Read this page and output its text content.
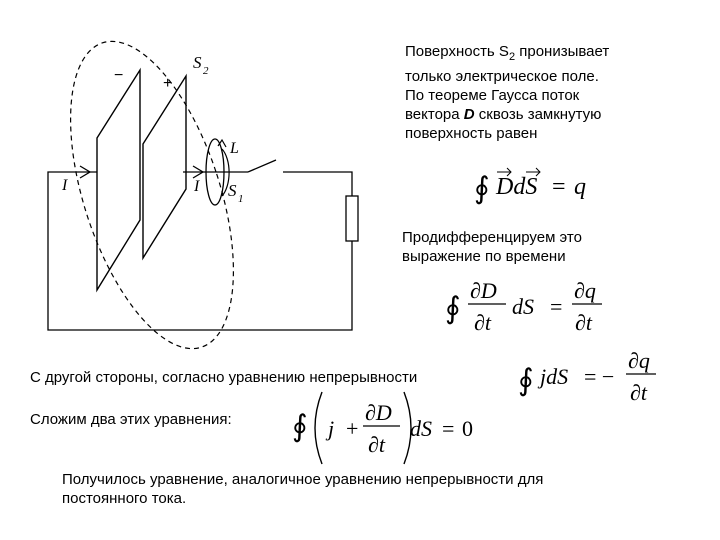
Поверхность $S_2$ пронизывает
только электрическое поле.
По теореме Гаусса поток
вектора D сквозь замкнутую
поверхность равен

Продифференцируем это
выражение по времени

С другой стороны, согласно уравнению непрерывности

Сложим два этих уравнения:

Получилось уравнение, аналогичное уравнению непрерывности для
постоянного тока.

− +
S 2
L
S 1
I	I	∮ DdS = q
∮
∂D
∂t
dS =
∂q
∂t
∮ jdS = −
∂q
∂t
∮ j +
∂D
∂t
dS = 0
